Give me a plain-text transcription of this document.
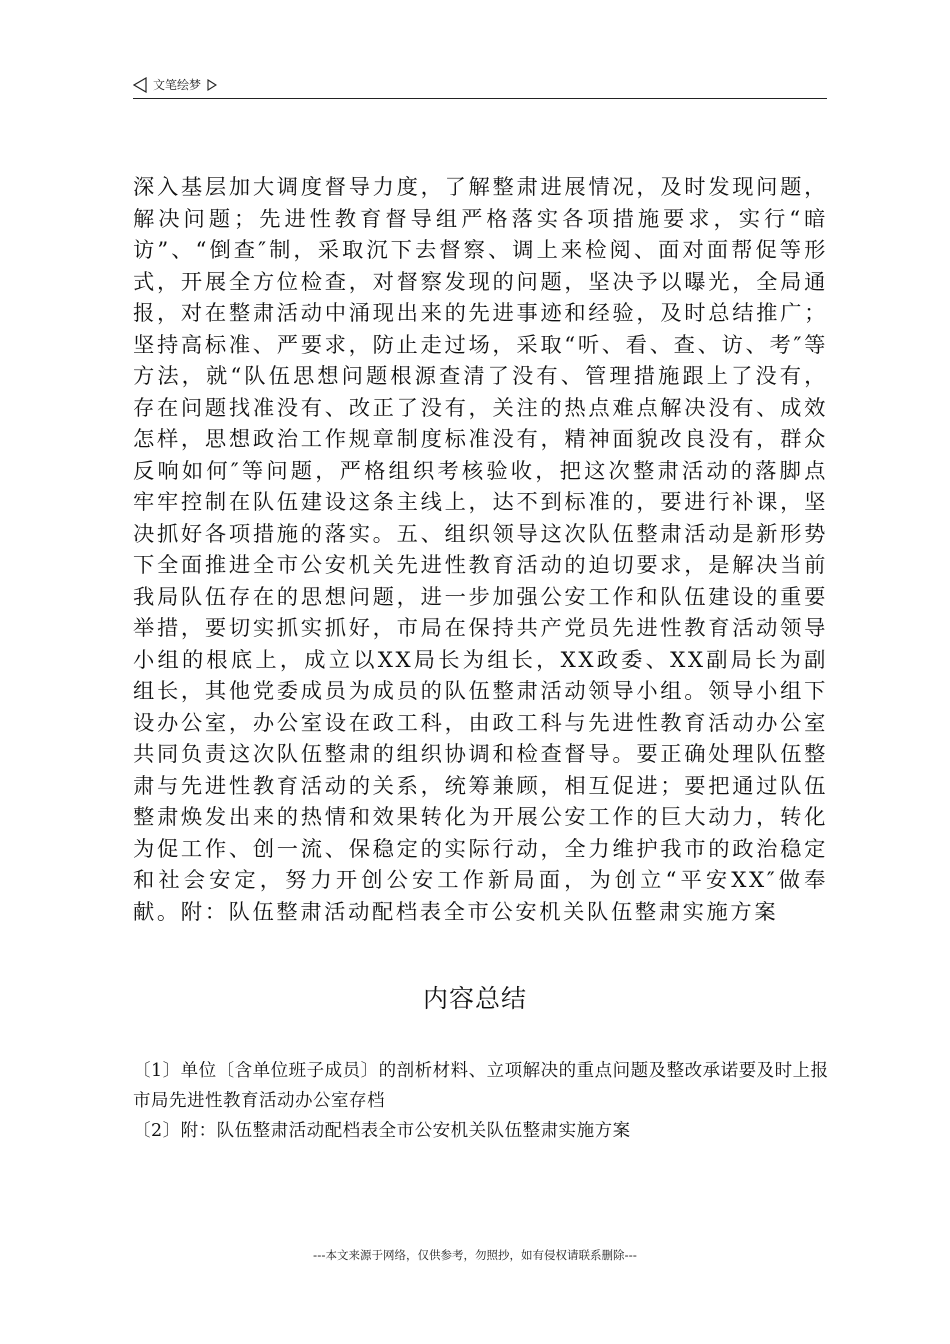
文笔绘梦
深入基层加大调度督导力度，了解整肃进展情况，及时发现问题，解决问题；先进性教育督导组严格落实各项措施要求，实行“暗访”、“倒查″制，采取沉下去督察、调上来检阅、面对面帮促等形式，开展全方位检查，对督察发现的问题，坚决予以曝光，全局通报，对在整肃活动中涌现出来的先进事迹和经验，及时总结推广；坚持高标准、严要求，防止走过场，采取“听、看、查、访、考″等方法，就“队伍思想问题根源查清了没有、管理措施跟上了没有，存在问题找准没有、改正了没有，关注的热点难点解决没有、成效怎样，思想政治工作规章制度标准没有，精神面貌改良没有，群众反响如何″等问题，严格组织考核验收，把这次整肃活动的落脚点牢牢控制在队伍建设这条主线上，达不到标准的，要进行补课，坚决抓好各项措施的落实。五、组织领导这次队伍整肃活动是新形势下全面推进全市公安机关先进性教育活动的迫切要求，是解决当前我局队伍存在的思想问题，进一步加强公安工作和队伍建设的重要举措，要切实抓实抓好，市局在保持共产党员先进性教育活动领导小组的根底上，成立以XX局长为组长，XX政委、XX副局长为副组长，其他党委成员为成员的队伍整肃活动领导小组。领导小组下设办公室，办公室设在政工科，由政工科与先进性教育活动办公室共同负责这次队伍整肃的组织协调和检查督导。要正确处理队伍整肃与先进性教育活动的关系，统筹兼顾，相互促进；要把通过队伍整肃焕发出来的热情和效果转化为开展公安工作的巨大动力，转化为促工作、创一流、保稳定的实际行动，全力维护我市的政治稳定和社会安定，努力开创公安工作新局面，为创立“平安XX″做奉献。附：队伍整肃活动配档表全市公安机关队伍整肃实施方案
内容总结

〔1〕单位〔含单位班子成员〕的剖析材料、立项解决的重点问题及整改承诺要及时上报市局先进性教育活动办公室存档

〔2〕附：队伍整肃活动配档表全市公安机关队伍整肃实施方案

---本文来源于网络，仅供参考，勿照抄，如有侵权请联系删除---
